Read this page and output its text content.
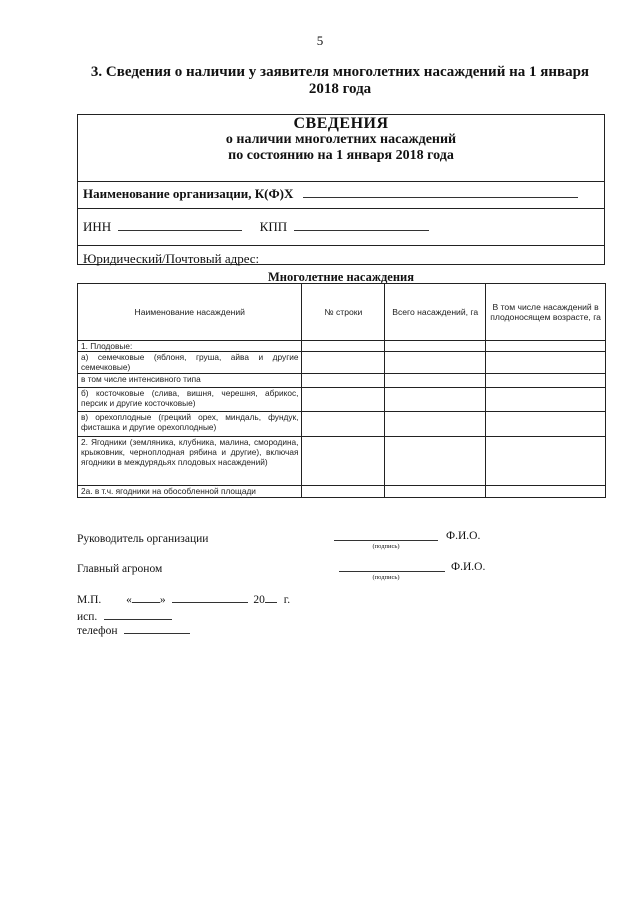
5
3. Сведения о наличии у заявителя многолетних насаждений на 1 января
2018 года
СВЕДЕНИЯ
о наличии многолетних насаждений
по состоянию на 1 января 2018 года
Наименование организации, К(Ф)Х
ИНН	КПП
Юридический/Почтовый адрес:
Многолетние насаждения
Наименование насаждений	№ строки	Всего насаждений, га	В том числе насаждений в плодоносящем возрасте, га
1. Плодовые:			
а) семечковые (яблоня, груша, айва и другие семечковые)			
в том числе интенсивного типа			
б) косточковые (слива, вишня, черешня, абрикос, персик и другие косточковые)			
в) орехоплодные (грецкий орех, миндаль, фундук, фисташка и другие орехоплодные)			
2. Ягодники (земляника, клубника, малина, смородина, крыжовник, черноплодная рябина и другие), включая ягодники в междурядьях плодовых насаждений)			
2а. в т.ч. ягодники на обособленной площади			
Руководитель организации	Ф.И.О.
(подпись)
Главный агроном	Ф.И.О.
(подпись)
М.П. « »	20 г.
исп.
телефон
